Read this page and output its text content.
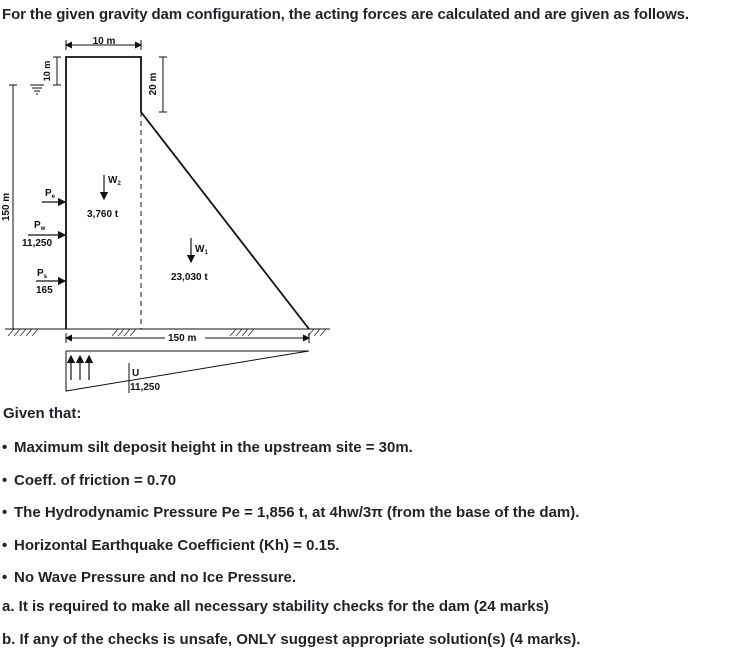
For the given gravity dam configuration, the acting forces are calculated and are given as follows.
10 m
10 m
20 m
150 m	$P_e$
$P_w$
11,250
$P_s$
165
$W_2$
3,760 t
$W_1$
23,030 t
150 m
U
11,250
Given that:
• Maximum silt deposit height in the upstream site = 30m.
• Coeff. of friction = 0.70
• The Hydrodynamic Pressure Pe = 1,856 t, at 4hw/3π (from the base of the dam).
• Horizontal Earthquake Coefficient (Kh) = 0.15.
• No Wave Pressure and no Ice Pressure.
a. It is required to make all necessary stability checks for the dam (24 marks)
b. If any of the checks is unsafe, ONLY suggest appropriate solution(s) (4 marks).
